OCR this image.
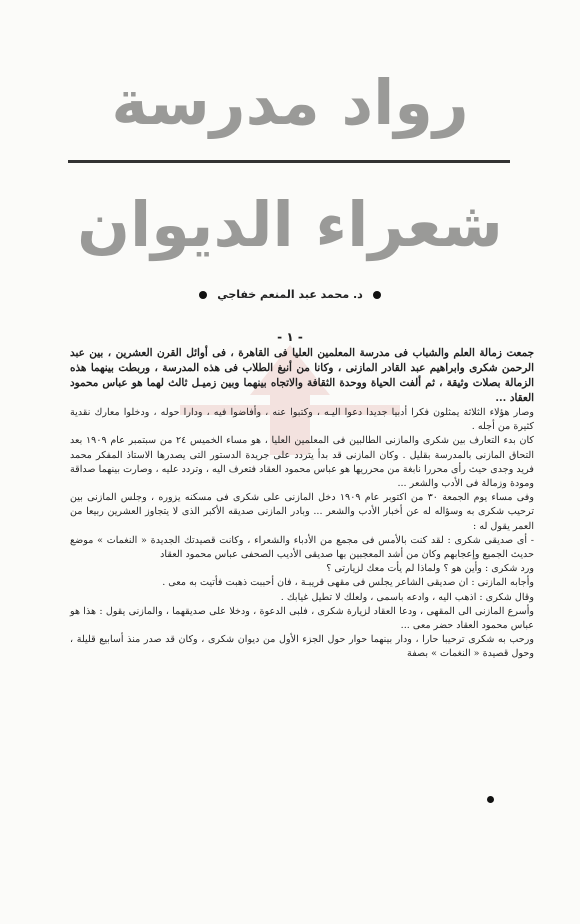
رواد مدرسة
شعراء الديوان
د. محمد عبد المنعم خفاجي
- ١ -

جمعت زمالة العلم والشباب فى مدرسة المعلمين العليا فى القاهرة ، فى أوائل القرن العشرين ، بين عبد الرحمن شكرى وابراهيم عبد القادر المازنى ، وكانا من أنبغ الطلاب فى هذه المدرسة ، وربطت بينهما هذه الزمالة بصلات وثيقة ، ثم ألفت الحياة ووحدة الثقافة والاتجاه بينهما وبين زميـل ثالث لهما هو عباس محمود العقاد ...

وصار هؤلاء الثلاثة يمثلون فكرا أدبيا جديدا دعوا اليـه ، وكتبوا عنه ، وأفاضوا فيه ، ودارا حوله ، ودخلوا معارك نقدية كثيرة من أجله .

كان بدء التعارف بين شكرى والمازنى الطالبين فى المعلمين العليا ، هو مساء الخميس ٢٤ من سبتمبر عام ١٩٠٩ بعد التحاق المازنى بالمدرسة بقليل . وكان المازنى قد بدأ يتردد على جريدة الدستور التى يصدرها الاستاذ المفكر محمد فريد وجدى حيث رأى محررا نابغة من محرريها هو عباس محمود العقاد فتعرف اليه ، وتردد عليه ، وصارت بينهما صداقة ومودة وزمالة فى الأدب والشعر ...

وفى مساء يوم الجمعة ٣٠ من اكتوبر عام ١٩٠٩ دخل المازنى على شكرى فى مسكنه يزوره ، وجلس المازنى بين ترحيب شكرى به وسؤاله له عن أخبار الأدب والشعر ... وبادر المازنى صديقه الأكبر الذى لا يتجاوز العشرين ربيعا من العمر يقول له :

- أى صديقى شكرى : لقد كنت بالأمس فى مجمع من الأدباء والشعراء ، وكانت قصيدتك الجديدة « النغمات » موضع حديث الجميع وإعجابهم وكان من أشد المعجبين بها صديقى الأديب الصحفى عباس محمود العقاد

ورد شكرى : وأين هو ؟ ولماذا لم يأت معك لزيارتى ؟

وأجابه المازنى : ان صديقى الشاعر يجلس فى مقهى قريبـة ، فان أحببت ذهبت فأتيت به معى .

وقال شكرى : اذهب اليه ، وادعه باسمى ، ولعلك لا تطيل غيابك .

وأسرع المازنى الى المقهى ، ودعا العقاد لزيارة شكرى ، فلبى الدعوة ، ودخلا على صديقهما ، والمازنى يقول : هذا هو عباس محمود العقاد حضر معى ...

ورحب به شكرى ترحيبا حارا ، ودار بينهما حوار حول الجزء الأول من ديوان شكرى ، وكان قد صدر منذ أسابيع قليلة ، وحول قصيدة « النغمات » بصفة
